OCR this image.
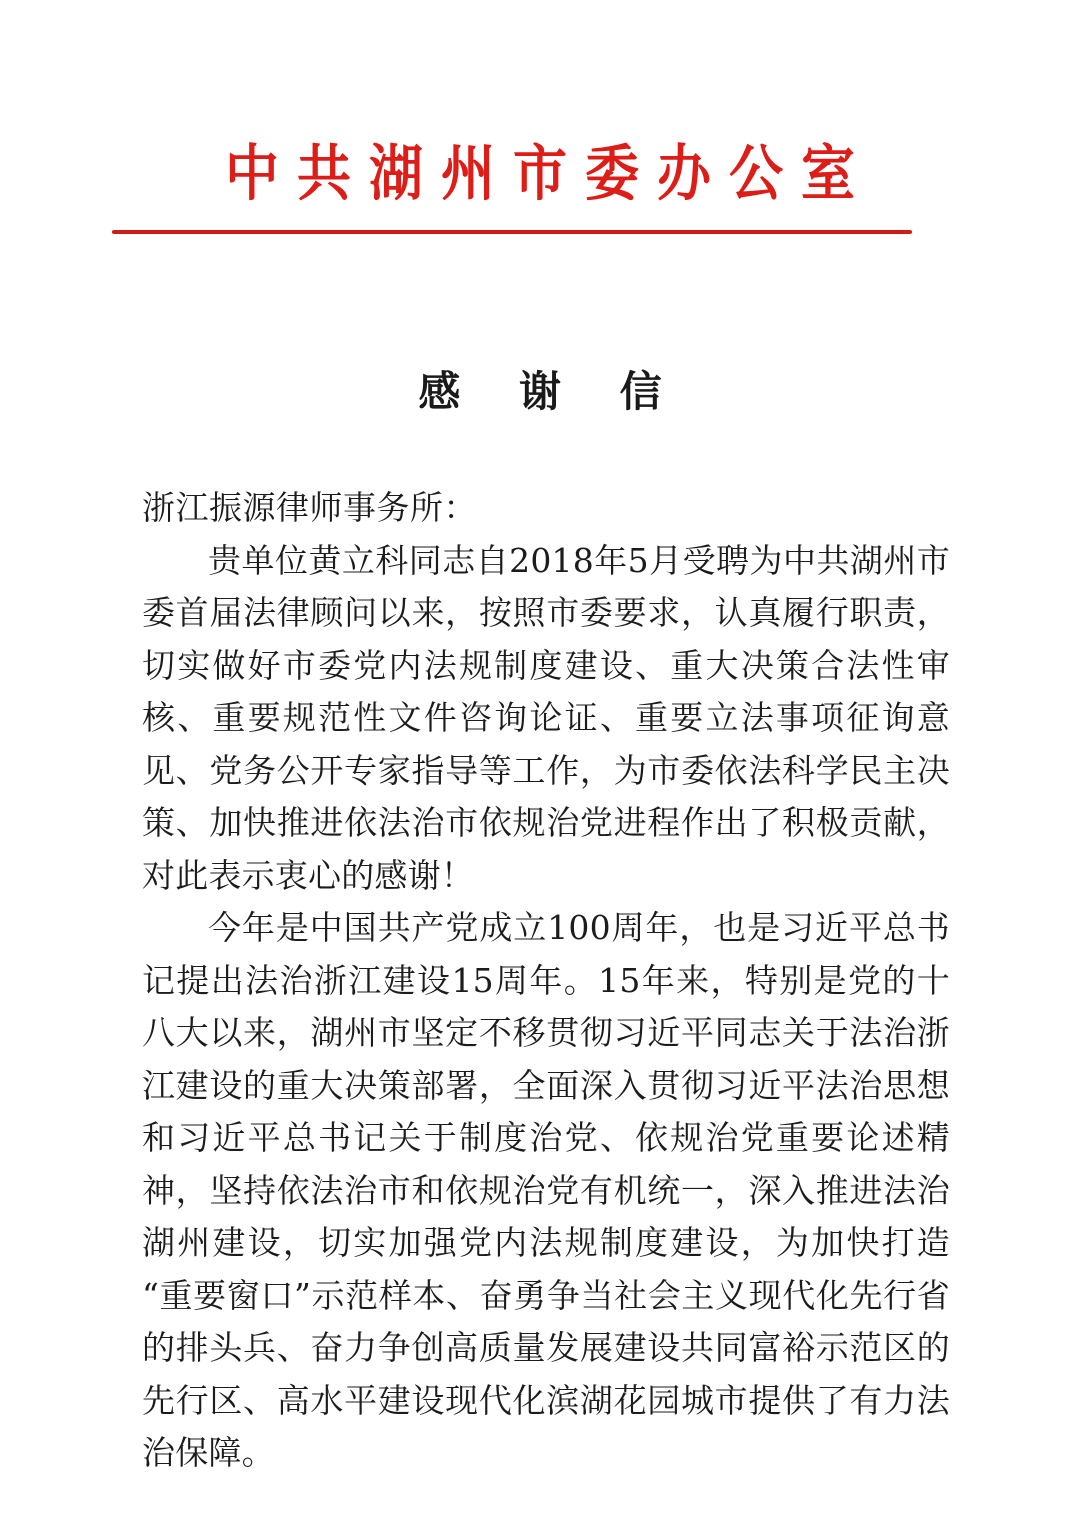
中共湖州市委办公室
感 谢 信

浙江振源律师事务所：

贵单位黄立科同志自2018年5月受聘为中共湖州市委首届法律顾问以来，按照市委要求，认真履行职责，切实做好市委党内法规制度建设、重大决策合法性审核、重要规范性文件咨询论证、重要立法事项征询意见、党务公开专家指导等工作，为市委依法科学民主决策、加快推进依法治市依规治党进程作出了积极贡献，对此表示衷心的感谢！

今年是中国共产党成立100周年，也是习近平总书记提出法治浙江建设15周年。15年来，特别是党的十八大以来，湖州市坚定不移贯彻习近平同志关于法治浙江建设的重大决策部署，全面深入贯彻习近平法治思想和习近平总书记关于制度治党、依规治党重要论述精神，坚持依法治市和依规治党有机统一，深入推进法治湖州建设，切实加强党内法规制度建设，为加快打造“重要窗口”示范样本、奋勇争当社会主义现代化先行省的排头兵、奋力争创高质量发展建设共同富裕示范区的先行区、高水平建设现代化滨湖花园城市提供了有力法治保障。
